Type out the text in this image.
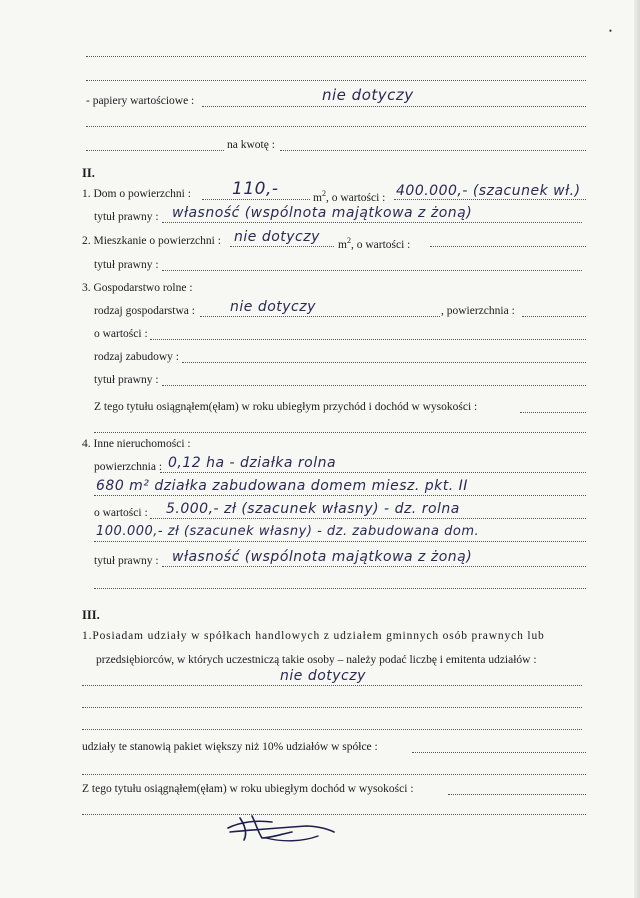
•
- papiery wartościowe :	nie dotyczy
na kwotę :
II.
1. Dom o powierzchni : 110,-	$m^2$, o wartości : 400.000,- (szacunek wł.)
tytuł prawny : własność (wspólnota majątkowa z żoną)
2. Mieszkanie o powierzchni : nie dotyczy $m^2$, o wartości :
tytuł prawny :
3. Gospodarstwo rolne :
rodzaj gospodarstwa :	nie dotyczy	, powierzchnia :
o wartości :
rodzaj zabudowy :
tytuł prawny :
Z tego tytułu osiągnąłem(ęłam) w roku ubiegłym przychód i dochód w wysokości :
4. Inne nieruchomości :
powierzchnia : 0,12 ha - działka rolna
680 m² działka zabudowana domem miesz. pkt. II
o wartości : 5.000,- zł (szacunek własny) - dz. rolna
100.000,- zł (szacunek własny) - dz. zabudowana dom.
tytuł prawny : własność (wspólnota majątkowa z żoną)
III.
1.Posiadam udziały w spółkach handlowych z udziałem gminnych osób prawnych lub
przedsiębiorców, w których uczestniczą takie osoby – należy podać liczbę i emitenta udziałów :
nie dotyczy
udziały te stanowią pakiet większy niż 10% udziałów w spółce :
Z tego tytułu osiągnąłem(ęłam) w roku ubiegłym dochód w wysokości :
